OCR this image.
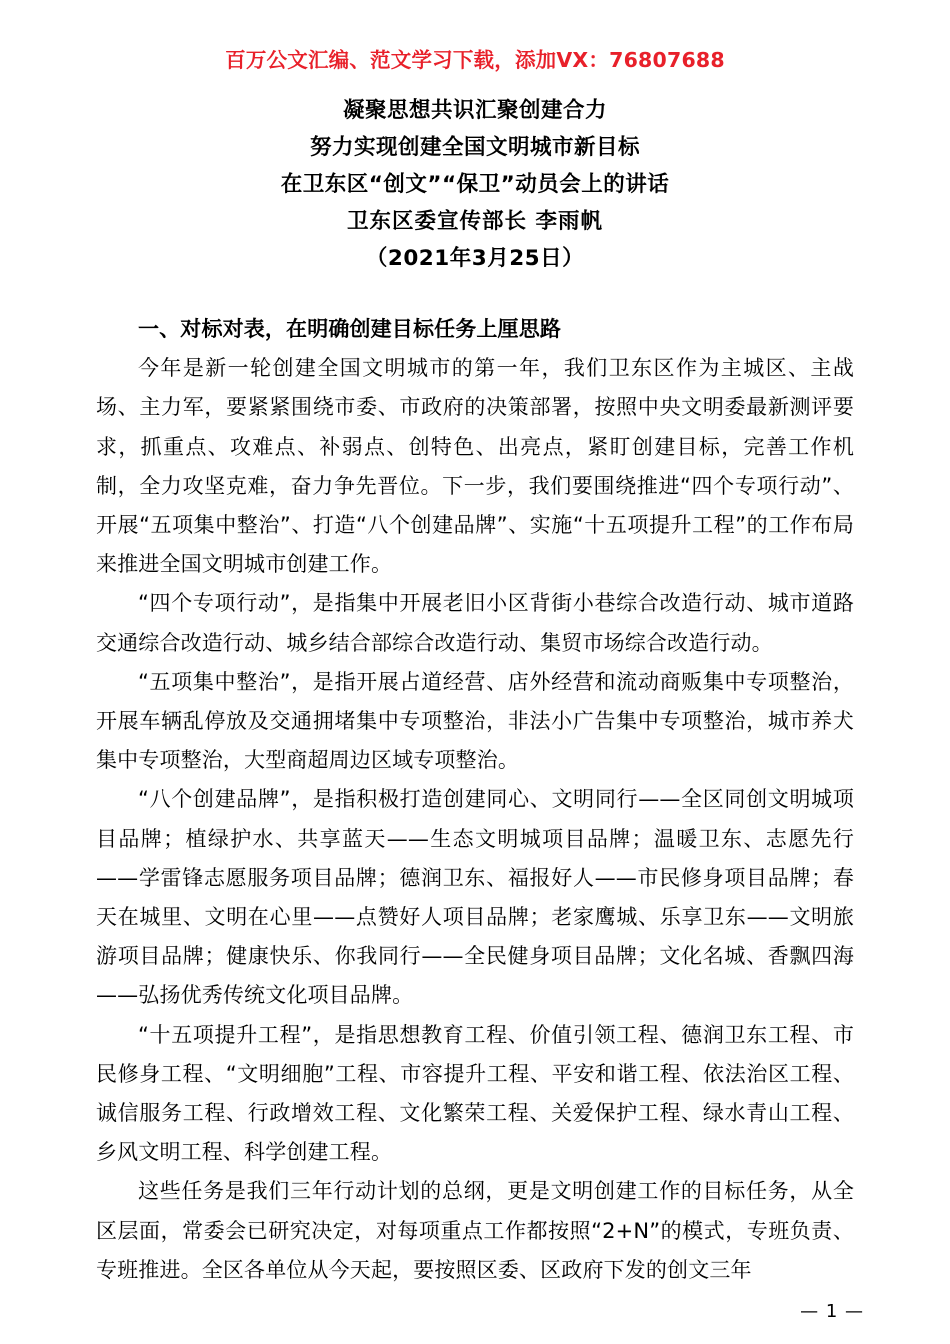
百万公文汇编、范文学习下载，添加VX：76807688
凝聚思想共识汇聚创建合力
努力实现创建全国文明城市新目标
在卫东区“创文”“保卫”动员会上的讲话
卫东区委宣传部长 李雨帆
（2021年3月25日）

一、对标对表，在明确创建目标任务上厘思路

今年是新一轮创建全国文明城市的第一年，我们卫东区作为主城区、主战场、主力军，要紧紧围绕市委、市政府的决策部署，按照中央文明委最新测评要求，抓重点、攻难点、补弱点、创特色、出亮点，紧盯创建目标，完善工作机制，全力攻坚克难，奋力争先晋位。下一步，我们要围绕推进“四个专项行动”、开展“五项集中整治”、打造“八个创建品牌”、实施“十五项提升工程”的工作布局来推进全国文明城市创建工作。

“四个专项行动”，是指集中开展老旧小区背街小巷综合改造行动、城市道路交通综合改造行动、城乡结合部综合改造行动、集贸市场综合改造行动。

“五项集中整治”，是指开展占道经营、店外经营和流动商贩集中专项整治，开展车辆乱停放及交通拥堵集中专项整治，非法小广告集中专项整治，城市养犬集中专项整治，大型商超周边区域专项整治。

“八个创建品牌”，是指积极打造创建同心、文明同行——全区同创文明城项目品牌；植绿护水、共享蓝天——生态文明城项目品牌；温暖卫东、志愿先行——学雷锋志愿服务项目品牌；德润卫东、福报好人——市民修身项目品牌；春天在城里、文明在心里——点赞好人项目品牌；老家鹰城、乐享卫东——文明旅游项目品牌；健康快乐、你我同行——全民健身项目品牌；文化名城、香飘四海——弘扬优秀传统文化项目品牌。

“十五项提升工程”，是指思想教育工程、价值引领工程、德润卫东工程、市民修身工程、“文明细胞”工程、市容提升工程、平安和谐工程、依法治区工程、诚信服务工程、行政增效工程、文化繁荣工程、关爱保护工程、绿水青山工程、乡风文明工程、科学创建工程。

这些任务是我们三年行动计划的总纲，更是文明创建工作的目标任务，从全区层面，常委会已研究决定，对每项重点工作都按照“2+N”的模式，专班负责、专班推进。全区各单位从今天起，要按照区委、区政府下发的创文三年

— 1 —
